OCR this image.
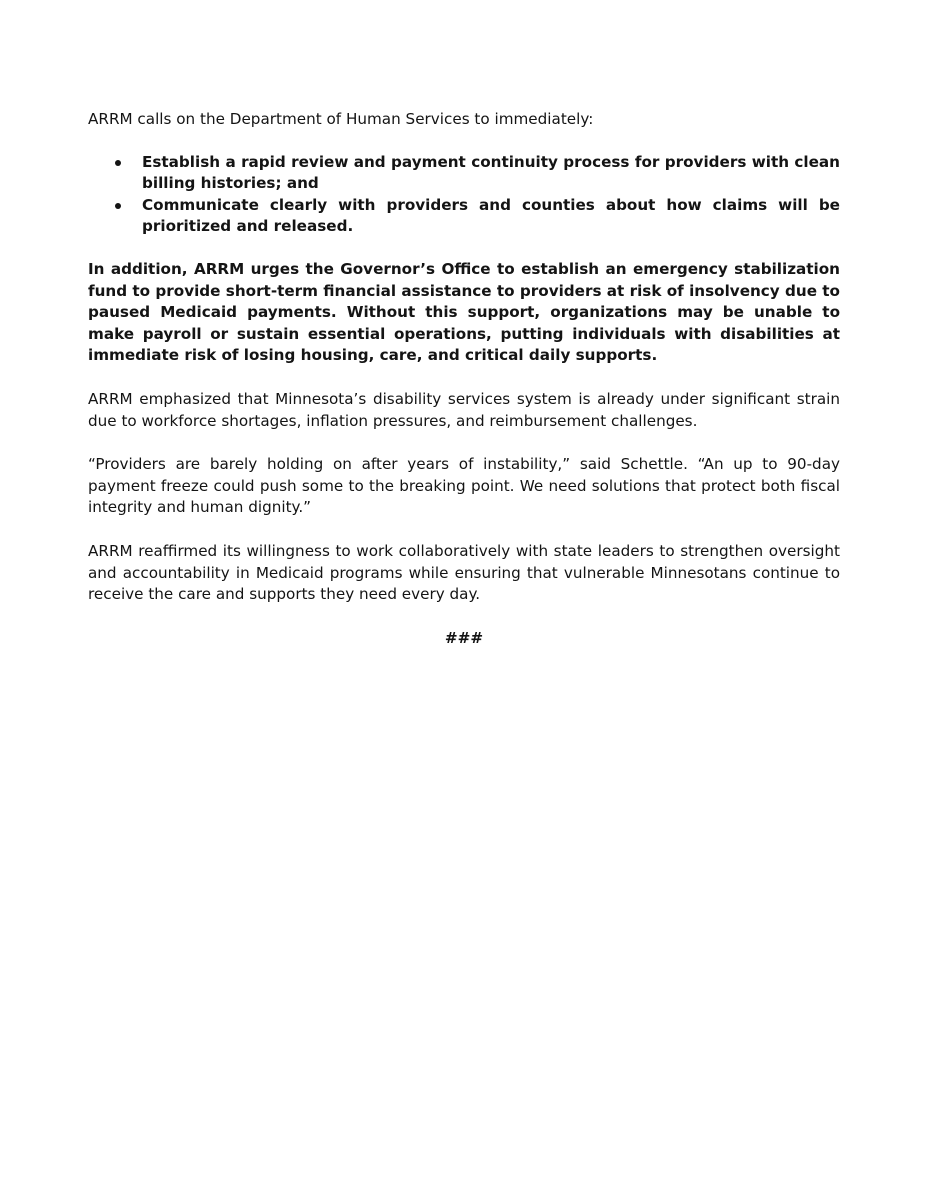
ARRM calls on the Department of Human Services to immediately:

Establish a rapid review and payment continuity process for providers with clean billing histories; and
Communicate clearly with providers and counties about how claims will be prioritized and released.

In addition, ARRM urges the Governor’s Office to establish an emergency stabilization fund to provide short-term financial assistance to providers at risk of insolvency due to paused Medicaid payments. Without this support, organizations may be unable to make payroll or sustain essential operations, putting individuals with disabilities at immediate risk of losing housing, care, and critical daily supports.

ARRM emphasized that Minnesota’s disability services system is already under significant strain due to workforce shortages, inflation pressures, and reimbursement challenges.

“Providers are barely holding on after years of instability,” said Schettle. “An up to 90-day payment freeze could push some to the breaking point. We need solutions that protect both fiscal integrity and human dignity.”

ARRM reaffirmed its willingness to work collaboratively with state leaders to strengthen oversight and accountability in Medicaid programs while ensuring that vulnerable Minnesotans continue to receive the care and supports they need every day.

###
